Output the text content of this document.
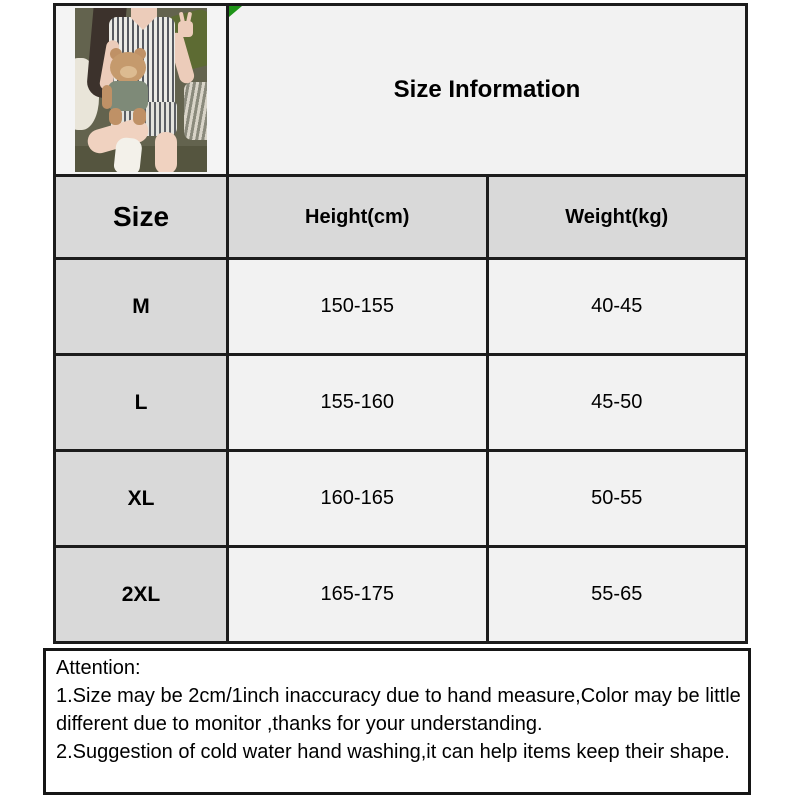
Size Information	
Size	Height(cm)	Weight(kg)
M	150-155	40-45
L	155-160	45-50
XL	160-165	50-55
2XL	165-175	55-65
Attention:
1.Size may be 2cm/1inch inaccuracy due to hand measure,Color may be little
different due to monitor ,thanks for your understanding.
2.Suggestion of cold water hand washing,it can help items keep their shape.
